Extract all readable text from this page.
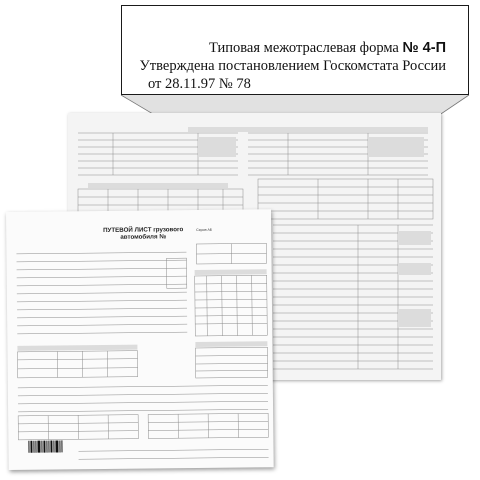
Типовая межотраслевая форма № 4-П
Утверждена постановлением Госкомстата России
от 28.11.97 № 78
ПУТЕВОЙ ЛИСТ грузового автомобиля №
Серия АБ
